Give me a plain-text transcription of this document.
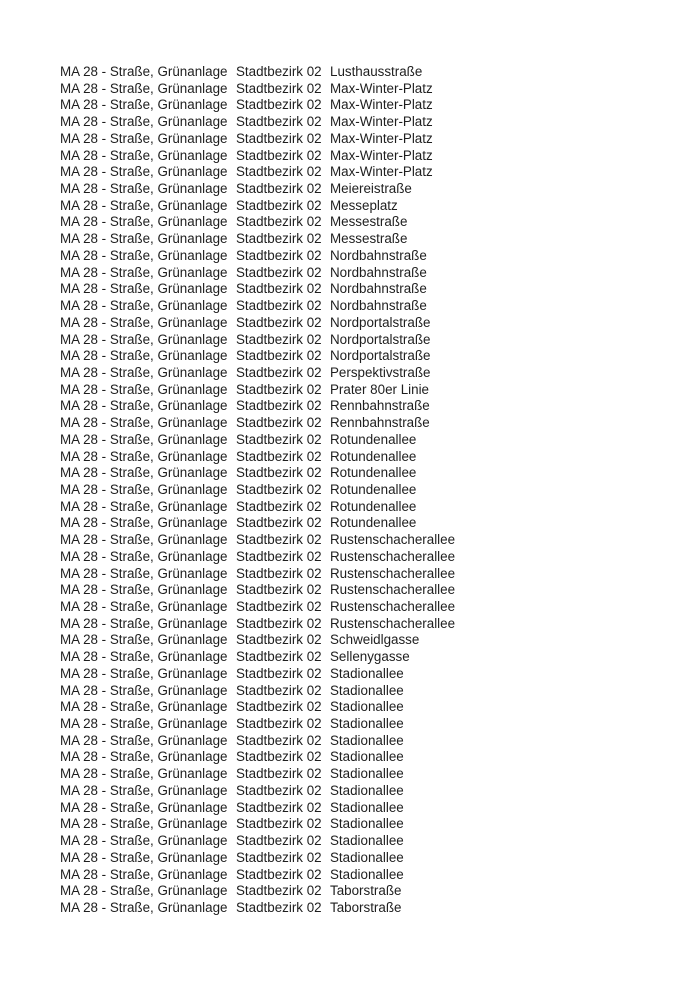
MA 28 - Straße, Grünanlage Stadtbezirk 02 Lusthausstraße
MA 28 - Straße, Grünanlage Stadtbezirk 02 Max-Winter-Platz
MA 28 - Straße, Grünanlage Stadtbezirk 02 Max-Winter-Platz
MA 28 - Straße, Grünanlage Stadtbezirk 02 Max-Winter-Platz
MA 28 - Straße, Grünanlage Stadtbezirk 02 Max-Winter-Platz
MA 28 - Straße, Grünanlage Stadtbezirk 02 Max-Winter-Platz
MA 28 - Straße, Grünanlage Stadtbezirk 02 Max-Winter-Platz
MA 28 - Straße, Grünanlage Stadtbezirk 02 Meiereistraße
MA 28 - Straße, Grünanlage Stadtbezirk 02 Messeplatz
MA 28 - Straße, Grünanlage Stadtbezirk 02 Messestraße
MA 28 - Straße, Grünanlage Stadtbezirk 02 Messestraße
MA 28 - Straße, Grünanlage Stadtbezirk 02 Nordbahnstraße
MA 28 - Straße, Grünanlage Stadtbezirk 02 Nordbahnstraße
MA 28 - Straße, Grünanlage Stadtbezirk 02 Nordbahnstraße
MA 28 - Straße, Grünanlage Stadtbezirk 02 Nordbahnstraße
MA 28 - Straße, Grünanlage Stadtbezirk 02 Nordportalstraße
MA 28 - Straße, Grünanlage Stadtbezirk 02 Nordportalstraße
MA 28 - Straße, Grünanlage Stadtbezirk 02 Nordportalstraße
MA 28 - Straße, Grünanlage Stadtbezirk 02 Perspektivstraße
MA 28 - Straße, Grünanlage Stadtbezirk 02 Prater 80er Linie
MA 28 - Straße, Grünanlage Stadtbezirk 02 Rennbahnstraße
MA 28 - Straße, Grünanlage Stadtbezirk 02 Rennbahnstraße
MA 28 - Straße, Grünanlage Stadtbezirk 02 Rotundenallee
MA 28 - Straße, Grünanlage Stadtbezirk 02 Rotundenallee
MA 28 - Straße, Grünanlage Stadtbezirk 02 Rotundenallee
MA 28 - Straße, Grünanlage Stadtbezirk 02 Rotundenallee
MA 28 - Straße, Grünanlage Stadtbezirk 02 Rotundenallee
MA 28 - Straße, Grünanlage Stadtbezirk 02 Rotundenallee
MA 28 - Straße, Grünanlage Stadtbezirk 02 Rustenschacherallee
MA 28 - Straße, Grünanlage Stadtbezirk 02 Rustenschacherallee
MA 28 - Straße, Grünanlage Stadtbezirk 02 Rustenschacherallee
MA 28 - Straße, Grünanlage Stadtbezirk 02 Rustenschacherallee
MA 28 - Straße, Grünanlage Stadtbezirk 02 Rustenschacherallee
MA 28 - Straße, Grünanlage Stadtbezirk 02 Rustenschacherallee
MA 28 - Straße, Grünanlage Stadtbezirk 02 Schweidlgasse
MA 28 - Straße, Grünanlage Stadtbezirk 02 Sellenygasse
MA 28 - Straße, Grünanlage Stadtbezirk 02 Stadionallee
MA 28 - Straße, Grünanlage Stadtbezirk 02 Stadionallee
MA 28 - Straße, Grünanlage Stadtbezirk 02 Stadionallee
MA 28 - Straße, Grünanlage Stadtbezirk 02 Stadionallee
MA 28 - Straße, Grünanlage Stadtbezirk 02 Stadionallee
MA 28 - Straße, Grünanlage Stadtbezirk 02 Stadionallee
MA 28 - Straße, Grünanlage Stadtbezirk 02 Stadionallee
MA 28 - Straße, Grünanlage Stadtbezirk 02 Stadionallee
MA 28 - Straße, Grünanlage Stadtbezirk 02 Stadionallee
MA 28 - Straße, Grünanlage Stadtbezirk 02 Stadionallee
MA 28 - Straße, Grünanlage Stadtbezirk 02 Stadionallee
MA 28 - Straße, Grünanlage Stadtbezirk 02 Stadionallee
MA 28 - Straße, Grünanlage Stadtbezirk 02 Stadionallee
MA 28 - Straße, Grünanlage Stadtbezirk 02 Taborstraße
MA 28 - Straße, Grünanlage Stadtbezirk 02 Taborstraße
